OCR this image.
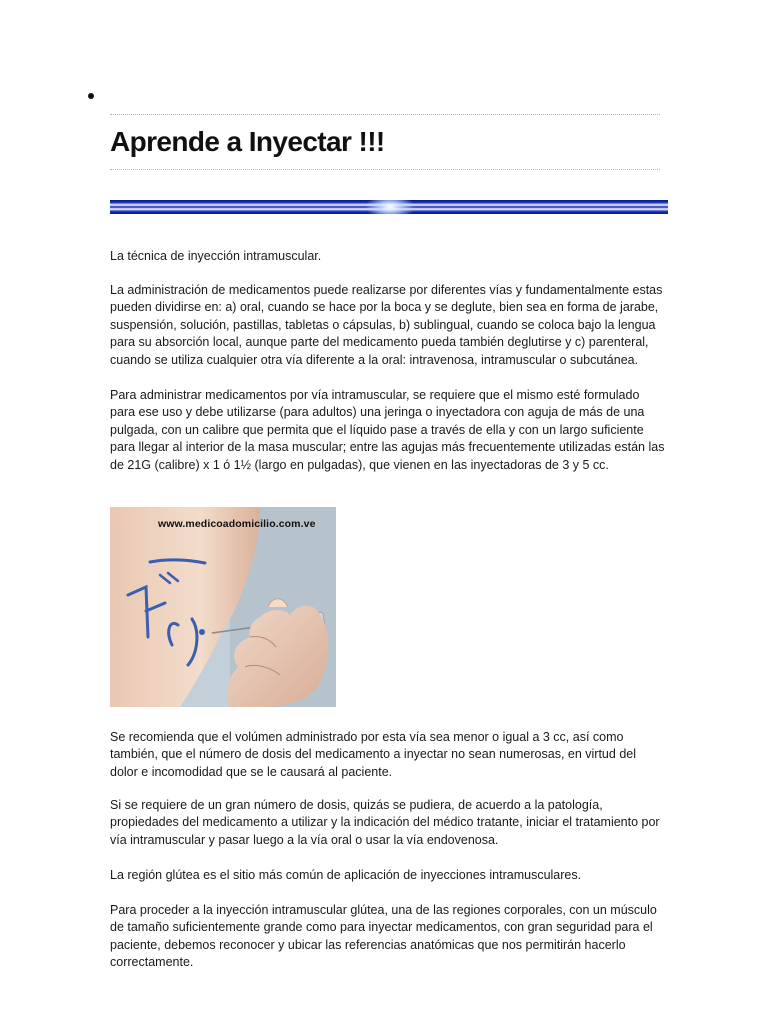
Aprende a Inyectar !!!

La técnica de inyección intramuscular.

La administración de medicamentos puede realizarse por diferentes vías y fundamentalmente estas pueden dividirse en: a) oral, cuando se hace por la boca y se deglute, bien sea en forma de jarabe, suspensión, solución, pastillas, tabletas o cápsulas, b) sublingual, cuando se coloca bajo la lengua para su absorción local, aunque parte del medicamento pueda también deglutirse y c) parenteral, cuando se utiliza cualquier otra vía diferente a la oral: intravenosa, intramuscular o subcutánea.

Para administrar medicamentos por vía intramuscular, se requiere que el mismo esté formulado para ese uso y debe utilizarse (para adultos) una jeringa o inyectadora con aguja de más de una pulgada, con un calibre que permita que el líquido pase a través de ella y con un largo suficiente para llegar al interior de la masa muscular; entre las agujas más frecuentemente utilizadas están las de 21G (calibre) x 1 ó 1½ (largo en pulgadas), que vienen en las inyectadoras de 3 y 5 cc.

www.medicoadomicilio.com.ve

Se recomienda que el volúmen administrado por esta vía sea menor o igual a 3 cc, así como también, que el número de dosis del medicamento a inyectar no sean numerosas, en virtud del dolor e incomodidad que se le causará al paciente.

Si se requiere de un gran número de dosis, quizás se pudiera, de acuerdo a la patología, propiedades del medicamento a utilizar y la indicación del médico tratante, iniciar el tratamiento por vía intramuscular y pasar luego a la vía oral o usar la vía endovenosa.

La región glútea es el sitio más común de aplicación de inyecciones intramusculares.

Para proceder a la inyección intramuscular glútea, una de las regiones corporales, con un músculo de tamaño suficientemente grande como para inyectar medicamentos, con gran seguridad para el paciente, debemos reconocer y ubicar las referencias anatómicas que nos permitirán hacerlo correctamente.
